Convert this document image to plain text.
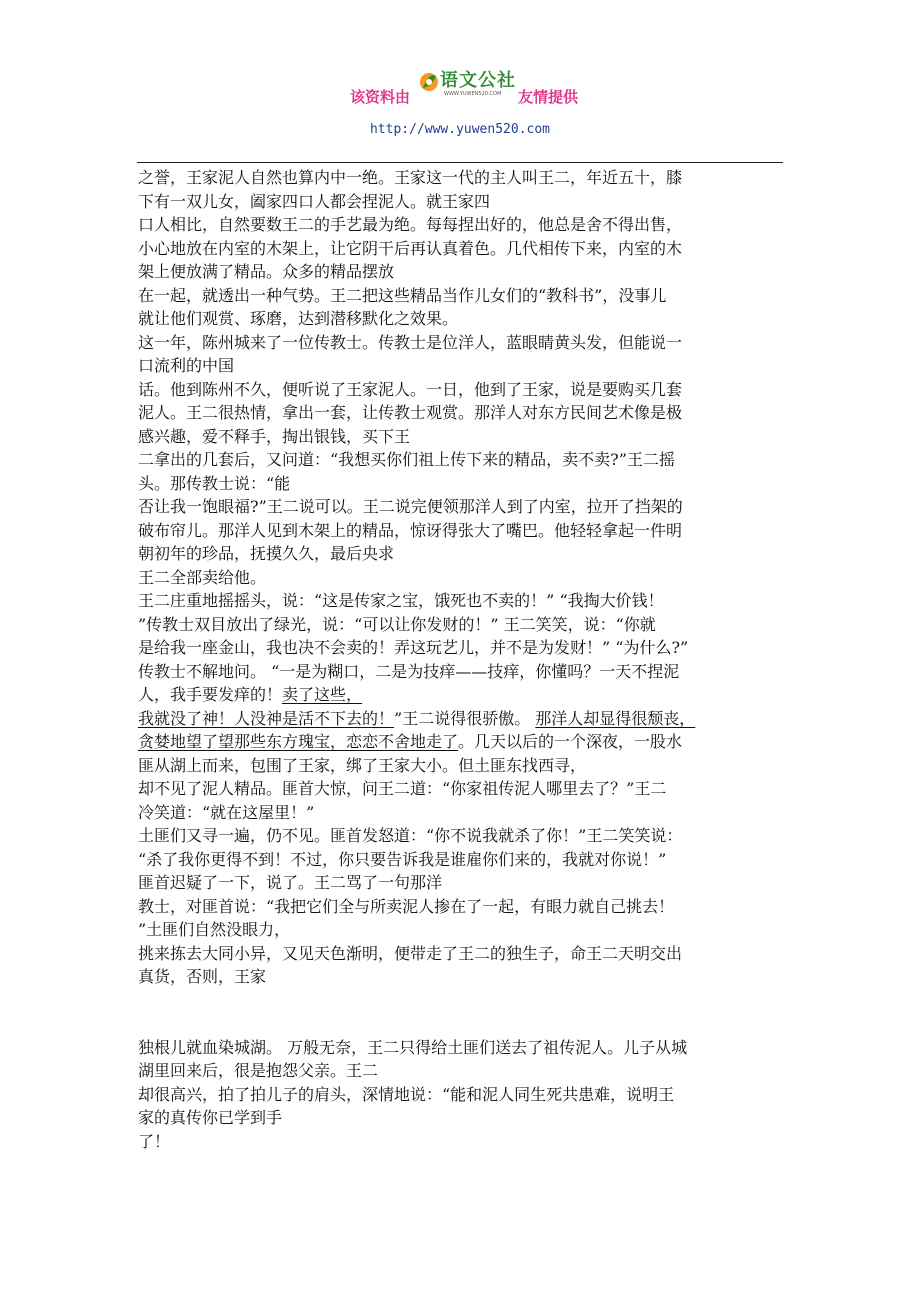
该资料由
语文公社
WWW.YUWEN520.COM 友情提供
http://www.yuwen520.com
之誉，王家泥人自然也算内中一绝。王家这一代的主人叫王二，年近五十，膝
下有一双儿女，阖家四口人都会捏泥人。就王家四
口人相比，自然要数王二的手艺最为绝。每每捏出好的，他总是舍不得出售，
小心地放在内室的木架上，让它阴干后再认真着色。几代相传下来，内室的木
架上便放满了精品。众多的精品摆放
在一起，就透出一种气势。王二把这些精品当作儿女们的“教科书”，没事儿
就让他们观赏、琢磨，达到潜移默化之效果。
这一年，陈州城来了一位传教士。传教士是位洋人，蓝眼睛黄头发，但能说一
口流利的中国
话。他到陈州不久，便听说了王家泥人。一日，他到了王家，说是要购买几套
泥人。王二很热情，拿出一套，让传教士观赏。那洋人对东方民间艺术像是极
感兴趣，爱不释手，掏出银钱，买下王
二拿出的几套后，又问道：“我想买你们祖上传下来的精品，卖不卖?”王二摇
头。那传教士说：“能
否让我一饱眼福?”王二说可以。王二说完便领那洋人到了内室，拉开了挡架的
破布帘儿。那洋人见到木架上的精品，惊讶得张大了嘴巴。他轻轻拿起一件明
朝初年的珍品，抚摸久久，最后央求
王二全部卖给他。
王二庄重地摇摇头，说：“这是传家之宝，饿死也不卖的！” “我掏大价钱！
”传教士双目放出了绿光，说：“可以让你发财的！” 王二笑笑，说：“你就
是给我一座金山，我也决不会卖的！弄这玩艺儿，并不是为发财！” “为什么?”
传教士不解地问。 “一是为糊口，二是为技痒——技痒，你懂吗？一天不捏泥
人，我手要发痒的！卖了这些，
我就没了神！人没神是活不下去的！”王二说得很骄傲。 那洋人却显得很颓丧，
贪婪地望了望那些东方瑰宝，恋恋不舍地走了。几天以后的一个深夜，一股水
匪从湖上而来，包围了王家，绑了王家大小。但土匪东找西寻，
却不见了泥人精品。匪首大惊，问王二道：“你家祖传泥人哪里去了？”王二
冷笑道：“就在这屋里！”
土匪们又寻一遍，仍不见。匪首发怒道：“你不说我就杀了你！”王二笑笑说：
“杀了我你更得不到！不过，你只要告诉我是谁雇你们来的，我就对你说！”
匪首迟疑了一下，说了。王二骂了一句那洋
教士，对匪首说：“我把它们全与所卖泥人掺在了一起，有眼力就自己挑去！
”土匪们自然没眼力，
挑来拣去大同小异，又见天色渐明，便带走了王二的独生子，命王二天明交出
真货，否则，王家
独根儿就血染城湖。 万般无奈，王二只得给土匪们送去了祖传泥人。儿子从城
湖里回来后，很是抱怨父亲。王二
却很高兴，拍了拍儿子的肩头，深情地说：“能和泥人同生死共患难，说明王
家的真传你已学到手
了！
